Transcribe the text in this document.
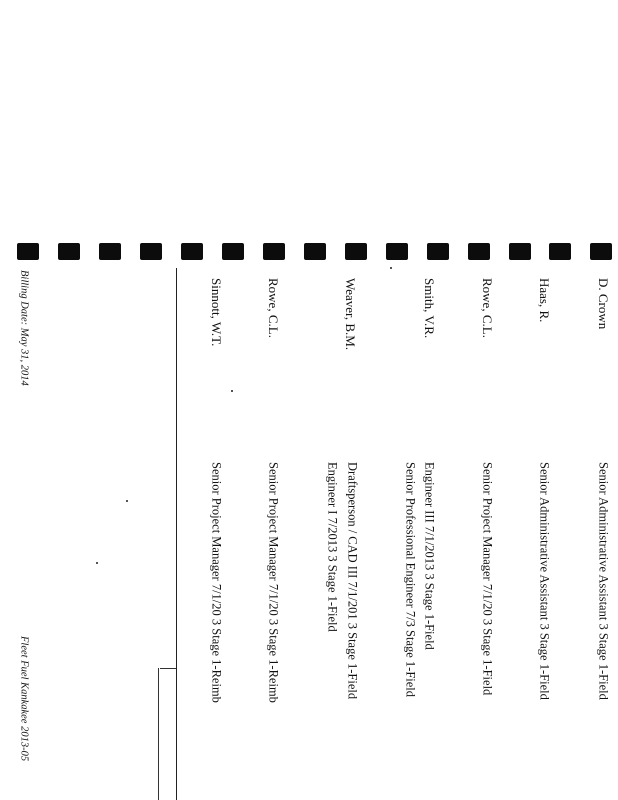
D. Crown
Senior Administrative Assistant 3 Stage 1-Field
Haas, R.
Senior Administrative Assistant 3 Stage 1-Field
Rowe, C.L.
Senior Project Manager 7/1/20 3 Stage 1-Field
Smith, V.R.
Engineer III 7/1/2013 3 Stage 1-Field
Senior Professional Engineer 7/3 Stage 1-Field
Weaver, B.M.
Draftsperson / CAD III 7/1/201 3 Stage 1-Field
Engineer I 7/2013 3 Stage 1-Field
Rowe, C.L.
Senior Project Manager 7/1/20 3 Stage 1-Reimb
Sinnott, W.T.
Senior Project Manager 7/1/20 3 Stage 1-Reimb
Billing Date: May 31, 2014
Fleet Fuel Kankakee 2013-05
